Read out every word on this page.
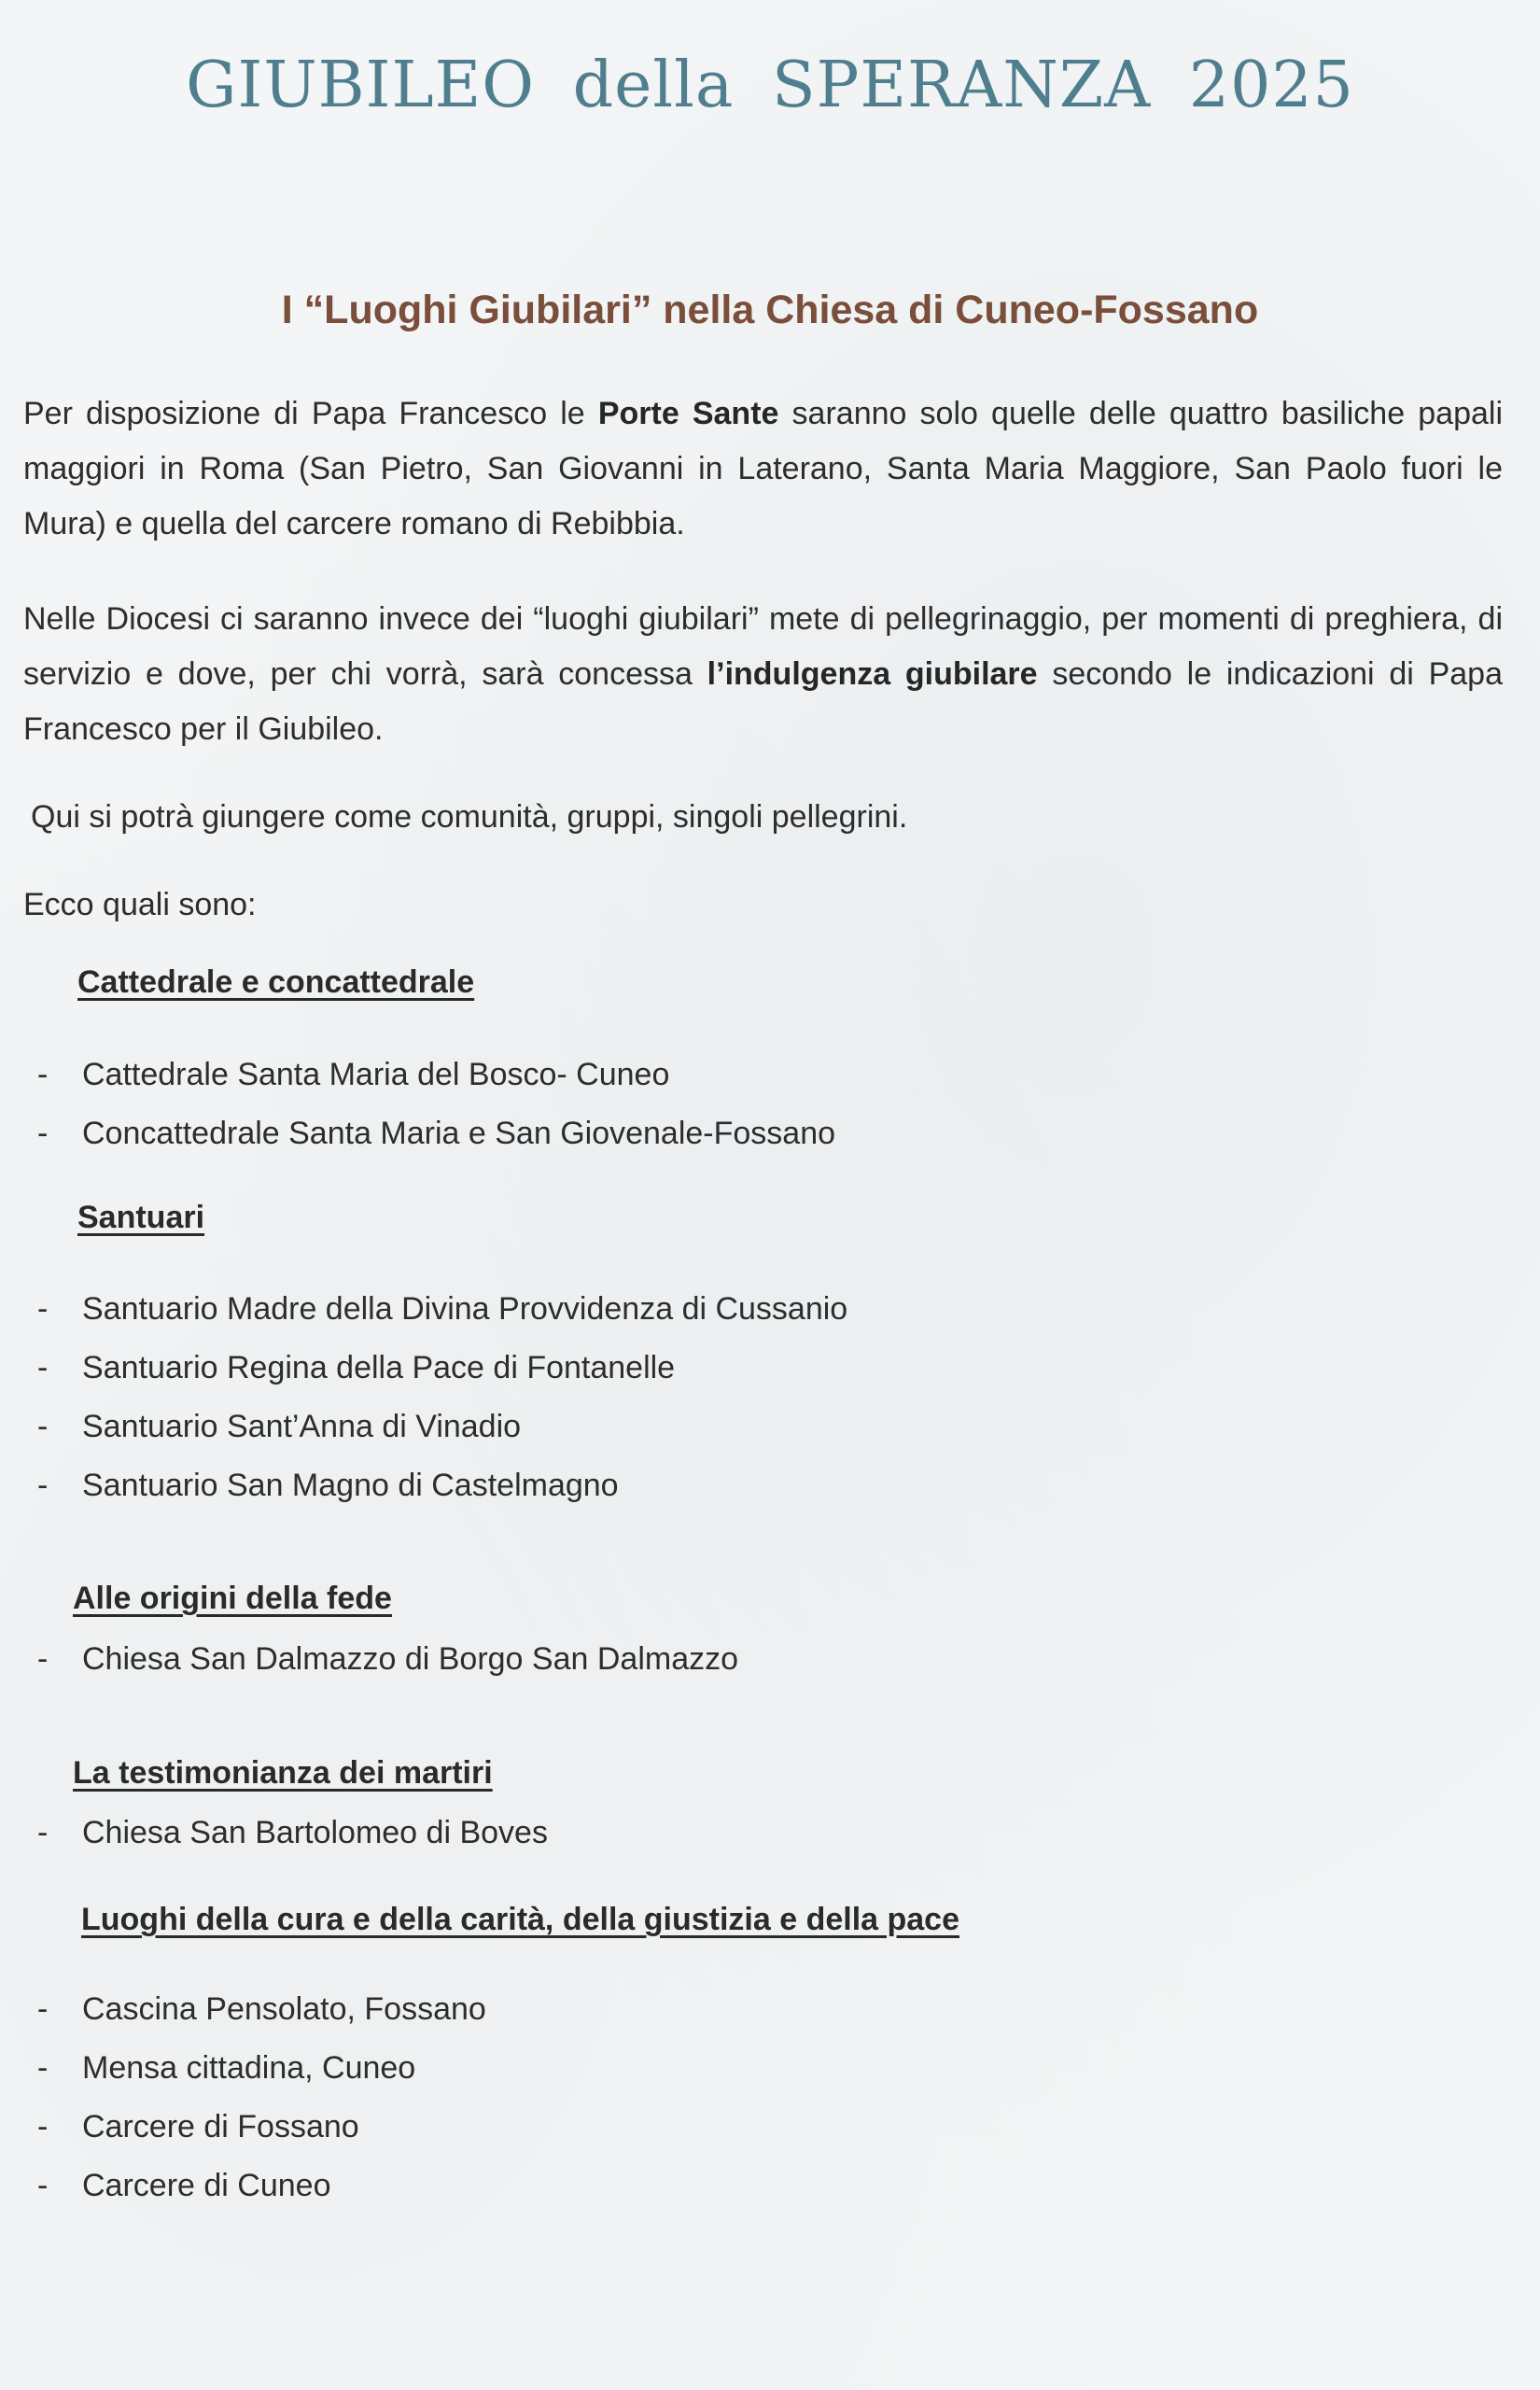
GIUBILEO della SPERANZA 2025
I “Luoghi Giubilari” nella Chiesa di Cuneo-Fossano

Per disposizione di Papa Francesco le Porte Sante saranno solo quelle delle quattro basiliche papali maggiori in Roma (San Pietro, San Giovanni in Laterano, Santa Maria Maggiore, San Paolo fuori le Mura) e quella del carcere romano di Rebibbia.

Nelle Diocesi ci saranno invece dei “luoghi giubilari” mete di pellegrinaggio, per momenti di preghiera, di servizio e dove, per chi vorrà, sarà concessa l’indulgenza giubilare secondo le indicazioni di Papa Francesco per il Giubileo.

Qui si potrà giungere come comunità, gruppi, singoli pellegrini.

Ecco quali sono:

Cattedrale e concattedrale
-	Cattedrale Santa Maria del Bosco- Cuneo
-	Concattedrale Santa Maria e San Giovenale-Fossano
Santuari
-	Santuario Madre della Divina Provvidenza di Cussanio
-	Santuario Regina della Pace di Fontanelle
-	Santuario Sant’Anna di Vinadio
-	Santuario San Magno di Castelmagno
Alle origini della fede
-	Chiesa San Dalmazzo di Borgo San Dalmazzo
La testimonianza dei martiri
-	Chiesa San Bartolomeo di Boves
Luoghi della cura e della carità, della giustizia e della pace
-	Cascina Pensolato, Fossano
-	Mensa cittadina, Cuneo
-	Carcere di Fossano
-	Carcere di Cuneo
